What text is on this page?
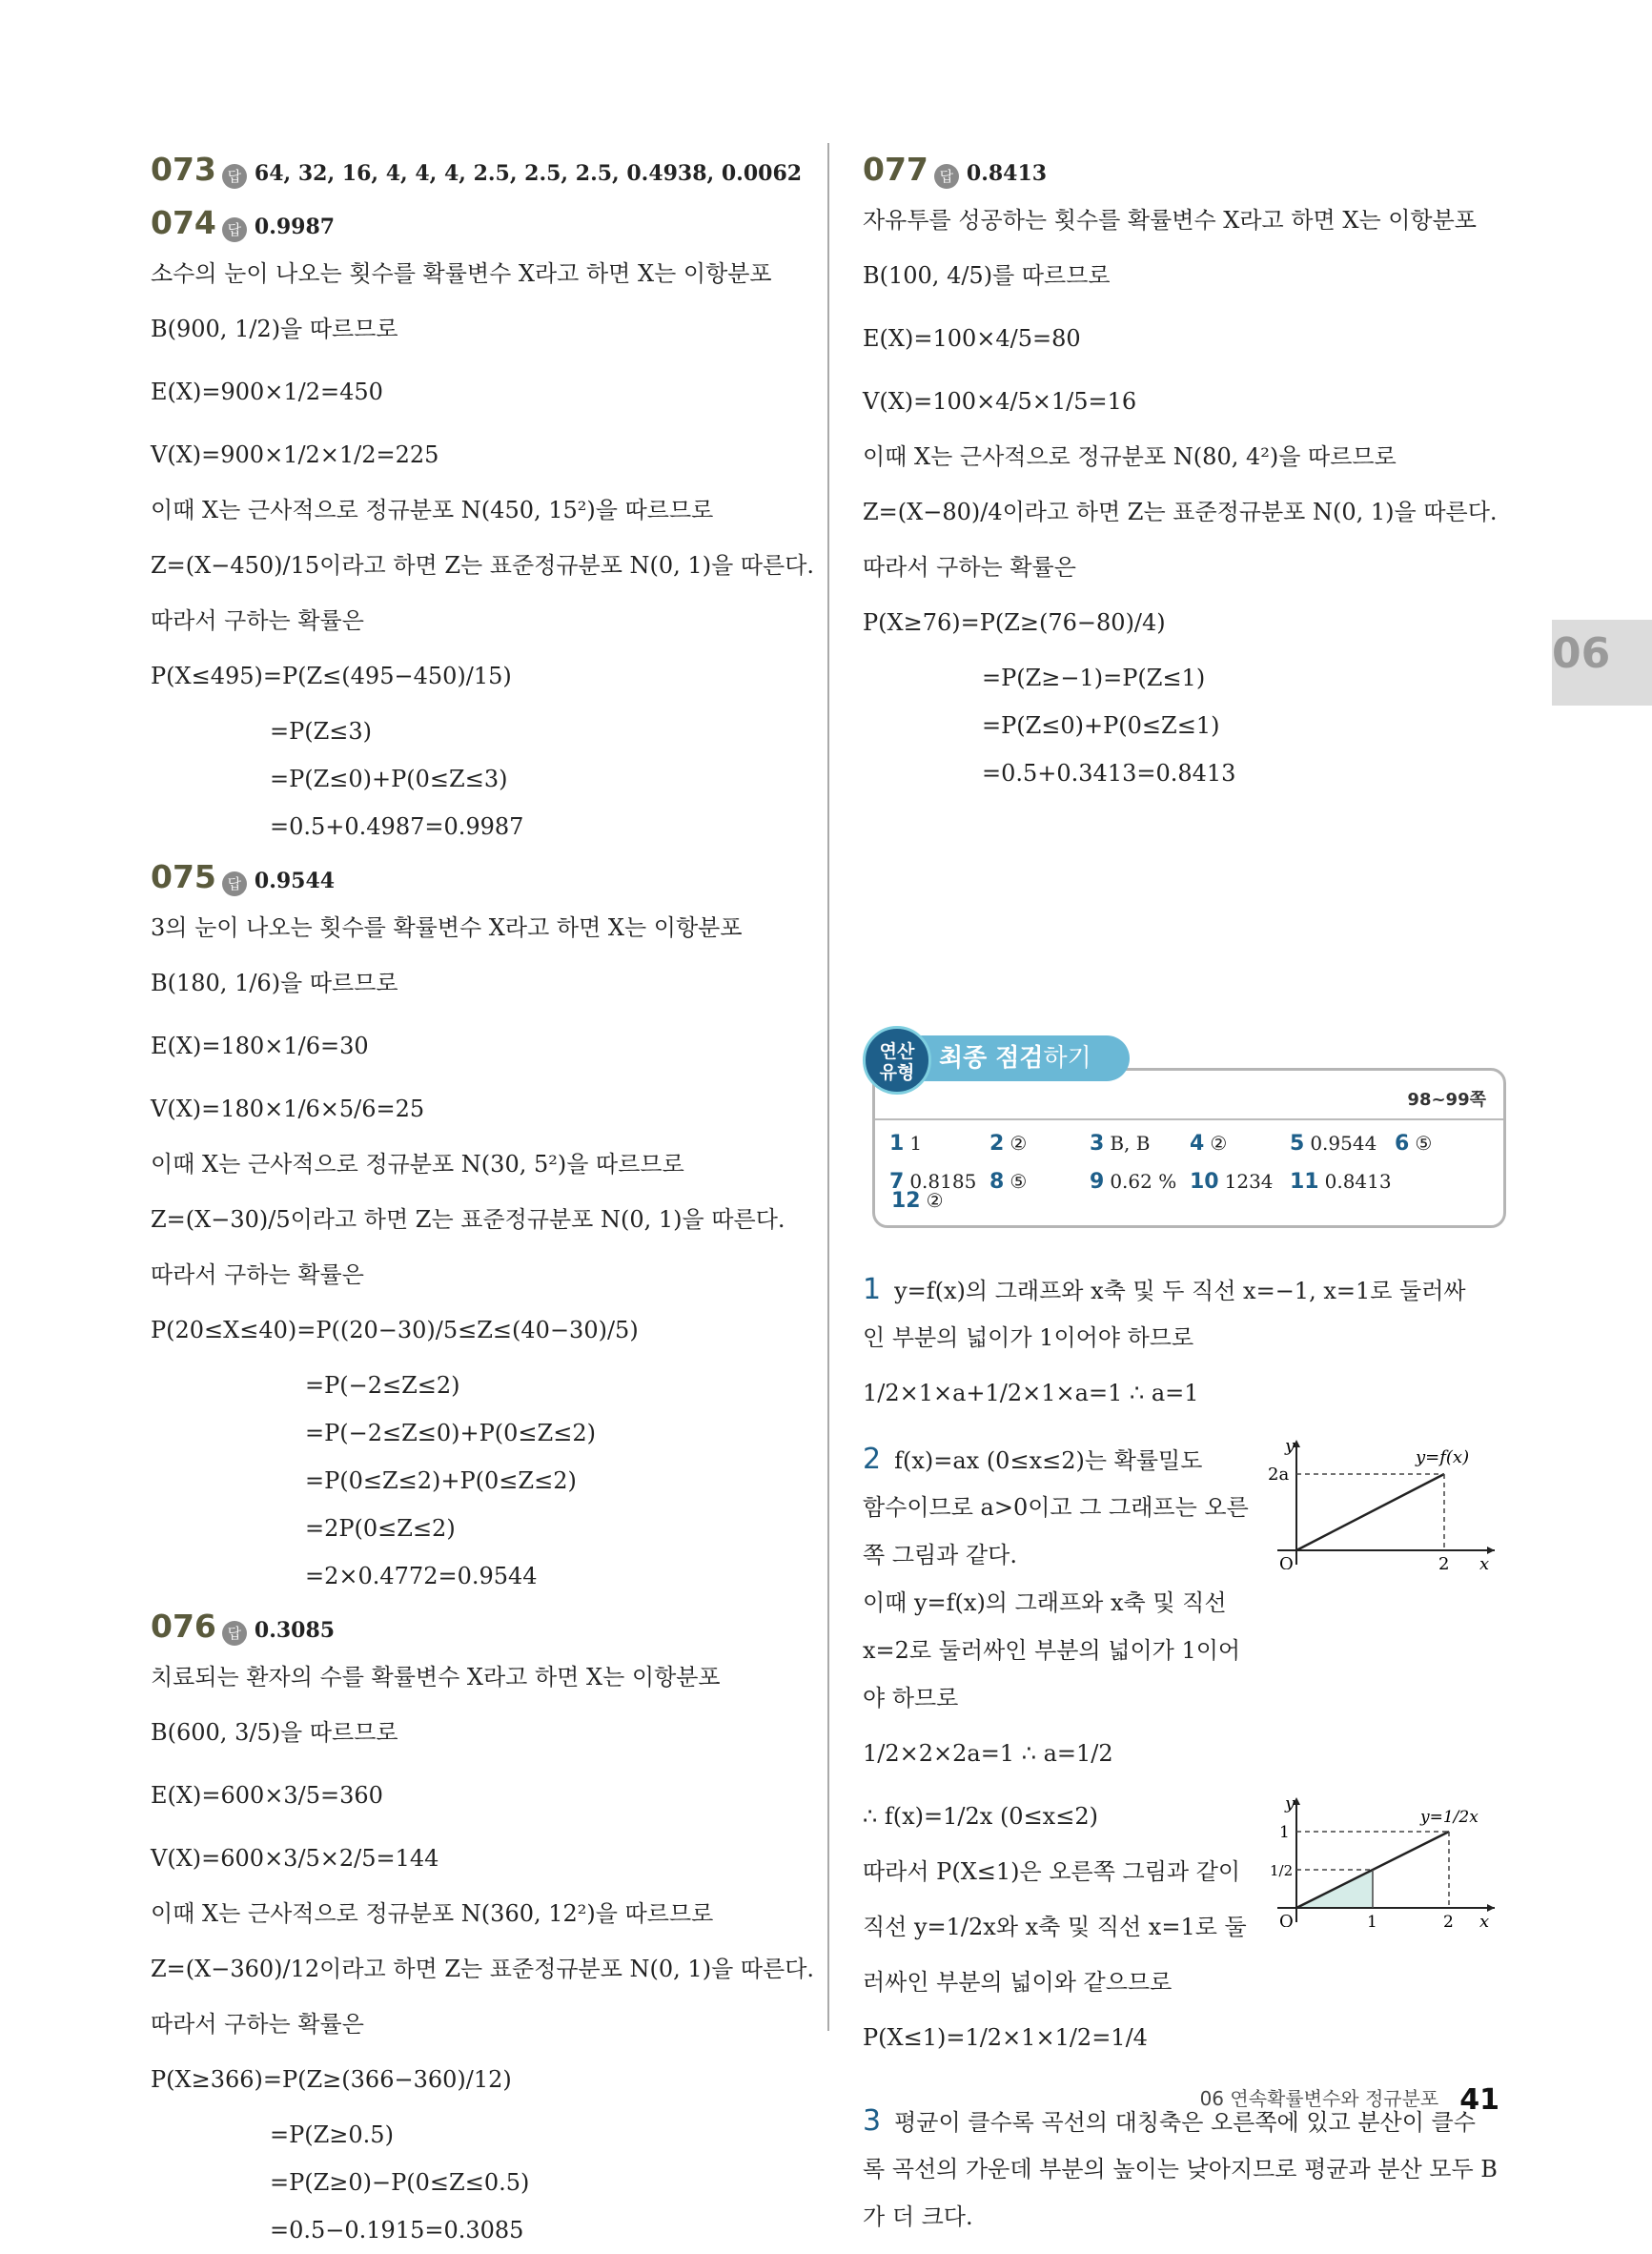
073 답 64, 32, 16, 4, 4, 4, 2.5, 2.5, 2.5, 0.4938, 0.0062
074 답 0.9987
소수의 눈이 나오는 횟수를 확률변수 X라고 하면 X는 이항분포
B(900, 1/2)을 따르므로
E(X)=900×1/2=450
V(X)=900×1/2×1/2=225
이때 X는 근사적으로 정규분포 N(450, 15²)을 따르므로
Z=(X−450)/15이라고 하면 Z는 표준정규분포 N(0, 1)을 따른다.
따라서 구하는 확률은
P(X≤495)=P(Z≤(495−450)/15)
=P(Z≤3)
=P(Z≤0)+P(0≤Z≤3)
=0.5+0.4987=0.9987
075 답 0.9544
3의 눈이 나오는 횟수를 확률변수 X라고 하면 X는 이항분포
B(180, 1/6)을 따르므로
E(X)=180×1/6=30
V(X)=180×1/6×5/6=25
이때 X는 근사적으로 정규분포 N(30, 5²)을 따르므로
Z=(X−30)/5이라고 하면 Z는 표준정규분포 N(0, 1)을 따른다.
따라서 구하는 확률은
P(20≤X≤40)=P((20−30)/5≤Z≤(40−30)/5)
=P(−2≤Z≤2)
=P(−2≤Z≤0)+P(0≤Z≤2)
=P(0≤Z≤2)+P(0≤Z≤2)
=2P(0≤Z≤2)
=2×0.4772=0.9544
076 답 0.3085
치료되는 환자의 수를 확률변수 X라고 하면 X는 이항분포
B(600, 3/5)을 따르므로
E(X)=600×3/5=360
V(X)=600×3/5×2/5=144
이때 X는 근사적으로 정규분포 N(360, 12²)을 따르므로
Z=(X−360)/12이라고 하면 Z는 표준정규분포 N(0, 1)을 따른다.
따라서 구하는 확률은
P(X≥366)=P(Z≥(366−360)/12)
=P(Z≥0.5)
=P(Z≥0)−P(0≤Z≤0.5)
=0.5−0.1915=0.3085
077 답 0.8413
자유투를 성공하는 횟수를 확률변수 X라고 하면 X는 이항분포
B(100, 4/5)를 따르므로
E(X)=100×4/5=80
V(X)=100×4/5×1/5=16
이때 X는 근사적으로 정규분포 N(80, 4²)을 따르므로
Z=(X−80)/4이라고 하면 Z는 표준정규분포 N(0, 1)을 따른다.
따라서 구하는 확률은
P(X≥76)=P(Z≥(76−80)/4)
=P(Z≥−1)=P(Z≤1)
=P(Z≤0)+P(0≤Z≤1)
=0.5+0.3413=0.8413
연산
유형 최종 점검하기
98~99쪽
1 1	2 ②	3 B, B 4 ②	5 0.9544 6 ⑤
7 0.8185 8 ⑤	9 0.62 % 10 1234 11 0.8413
12 ②
1 y=f(x)의 그래프와 x축 및 두 직선 x=−1, x=1로 둘러싸
인 부분의 넓이가 1이어야 하므로
1/2×1×a+1/2×1×a=1 ∴ a=1
2 f(x)=ax (0≤x≤2)는 확률밀도
함수이므로 a>0이고 그 그래프는 오른
쪽 그림과 같다.
이때 y=f(x)의 그래프와 x축 및 직선
x=2로 둘러싸인 부분의 넓이가 1이어
야 하므로
1/2×2×2a=1 ∴ a=1/2
∴ f(x)=1/2x (0≤x≤2)
따라서 P(X≤1)은 오른쪽 그림과 같이
직선 y=1/2x와 x축 및 직선 x=1로 둘
러싸인 부분의 넓이와 같으므로
P(X≤1)=1/2×1×1/2=1/4
y
x
O
2a
2
y=f(x)
y
x
O
1
1/2
1	2
y=1/2x
3 평균이 클수록 곡선의 대칭축은 오른쪽에 있고 분산이 클수
록 곡선의 가운데 부분의 높이는 낮아지므로 평균과 분산 모두 B
가 더 크다.
06
06 연속확률변수와 정규분포 41
